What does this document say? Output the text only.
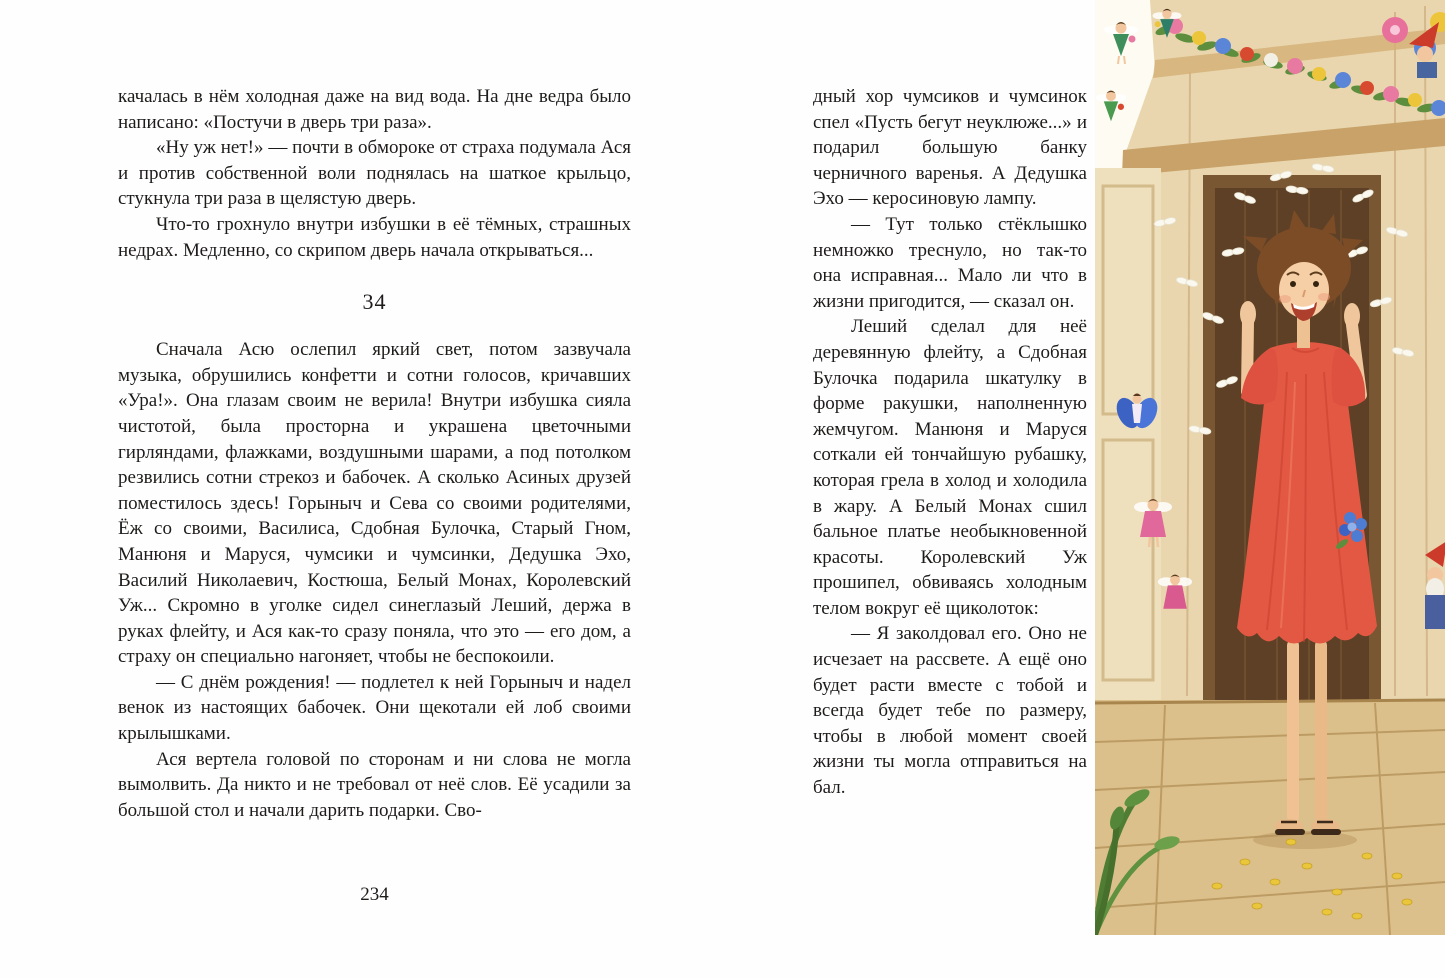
качалась в нём холодная даже на вид вода. На дне ведра было написано: «Постучи в дверь три раза».

«Ну уж нет!» — почти в обмороке от страха подумала Ася и против собственной воли поднялась на шаткое крыльцо, стукнула три раза в щелястую дверь.

Что-то грохнуло внутри избушки в её тёмных, страшных недрах. Медленно, со скрипом дверь начала открываться...

34

Сначала Асю ослепил яркий свет, потом зазвучала музыка, обрушились конфетти и сотни голосов, кричавших «Ура!». Она глазам своим не верила! Внутри избушка сияла чистотой, была просторна и украшена цветочными гирляндами, флажками, воздушными шарами, а под потолком резвились сотни стрекоз и бабочек. А сколько Асиных друзей поместилось здесь! Горыныч и Сева со своими родителями, Ёж со своими, Василиса, Сдобная Булочка, Старый Гном, Манюня и Маруся, чумсики и чумсинки, Дедушка Эхо, Василий Николаевич, Костюша, Белый Монах, Королевский Уж... Скромно в уголке сидел синеглазый Леший, держа в руках флейту, и Ася как-то сразу поняла, что это — его дом, а страху он специально нагоняет, чтобы не беспокоили.

— С днём рождения! — подлетел к ней Горыныч и надел венок из настоящих бабочек. Они щекотали ей лоб своими крылышками.

Ася вертела головой по сторонам и ни слова не могла вымолвить. Да никто и не требовал от неё слов. Её усадили за большой стол и начали дарить подарки. Сво-

234

дный хор чумсиков и чумсинок спел «Пусть бегут неуклюже...» и подарил большую банку черничного варенья. А Дедушка Эхо — керосиновую лампу.

— Тут только стёклышко немножко треснуло, но так-то она исправная... Мало ли что в жизни пригодится, — сказал он.

Леший сделал для неё деревянную флейту, а Сдобная Булочка подарила шкатулку в форме ракушки, наполненную жемчугом. Манюня и Маруся соткали ей тончайшую рубашку, которая грела в холод и холодила в жару. А Белый Монах сшил бальное платье необыкновенной красоты. Королевский Уж прошипел, обвиваясь холодным телом вокруг её щиколоток:

— Я заколдовал его. Оно не исчезает на рассвете. А ещё оно будет расти вместе с тобой и всегда будет тебе по размеру, чтобы в любой момент своей жизни ты могла отправиться на бал.
